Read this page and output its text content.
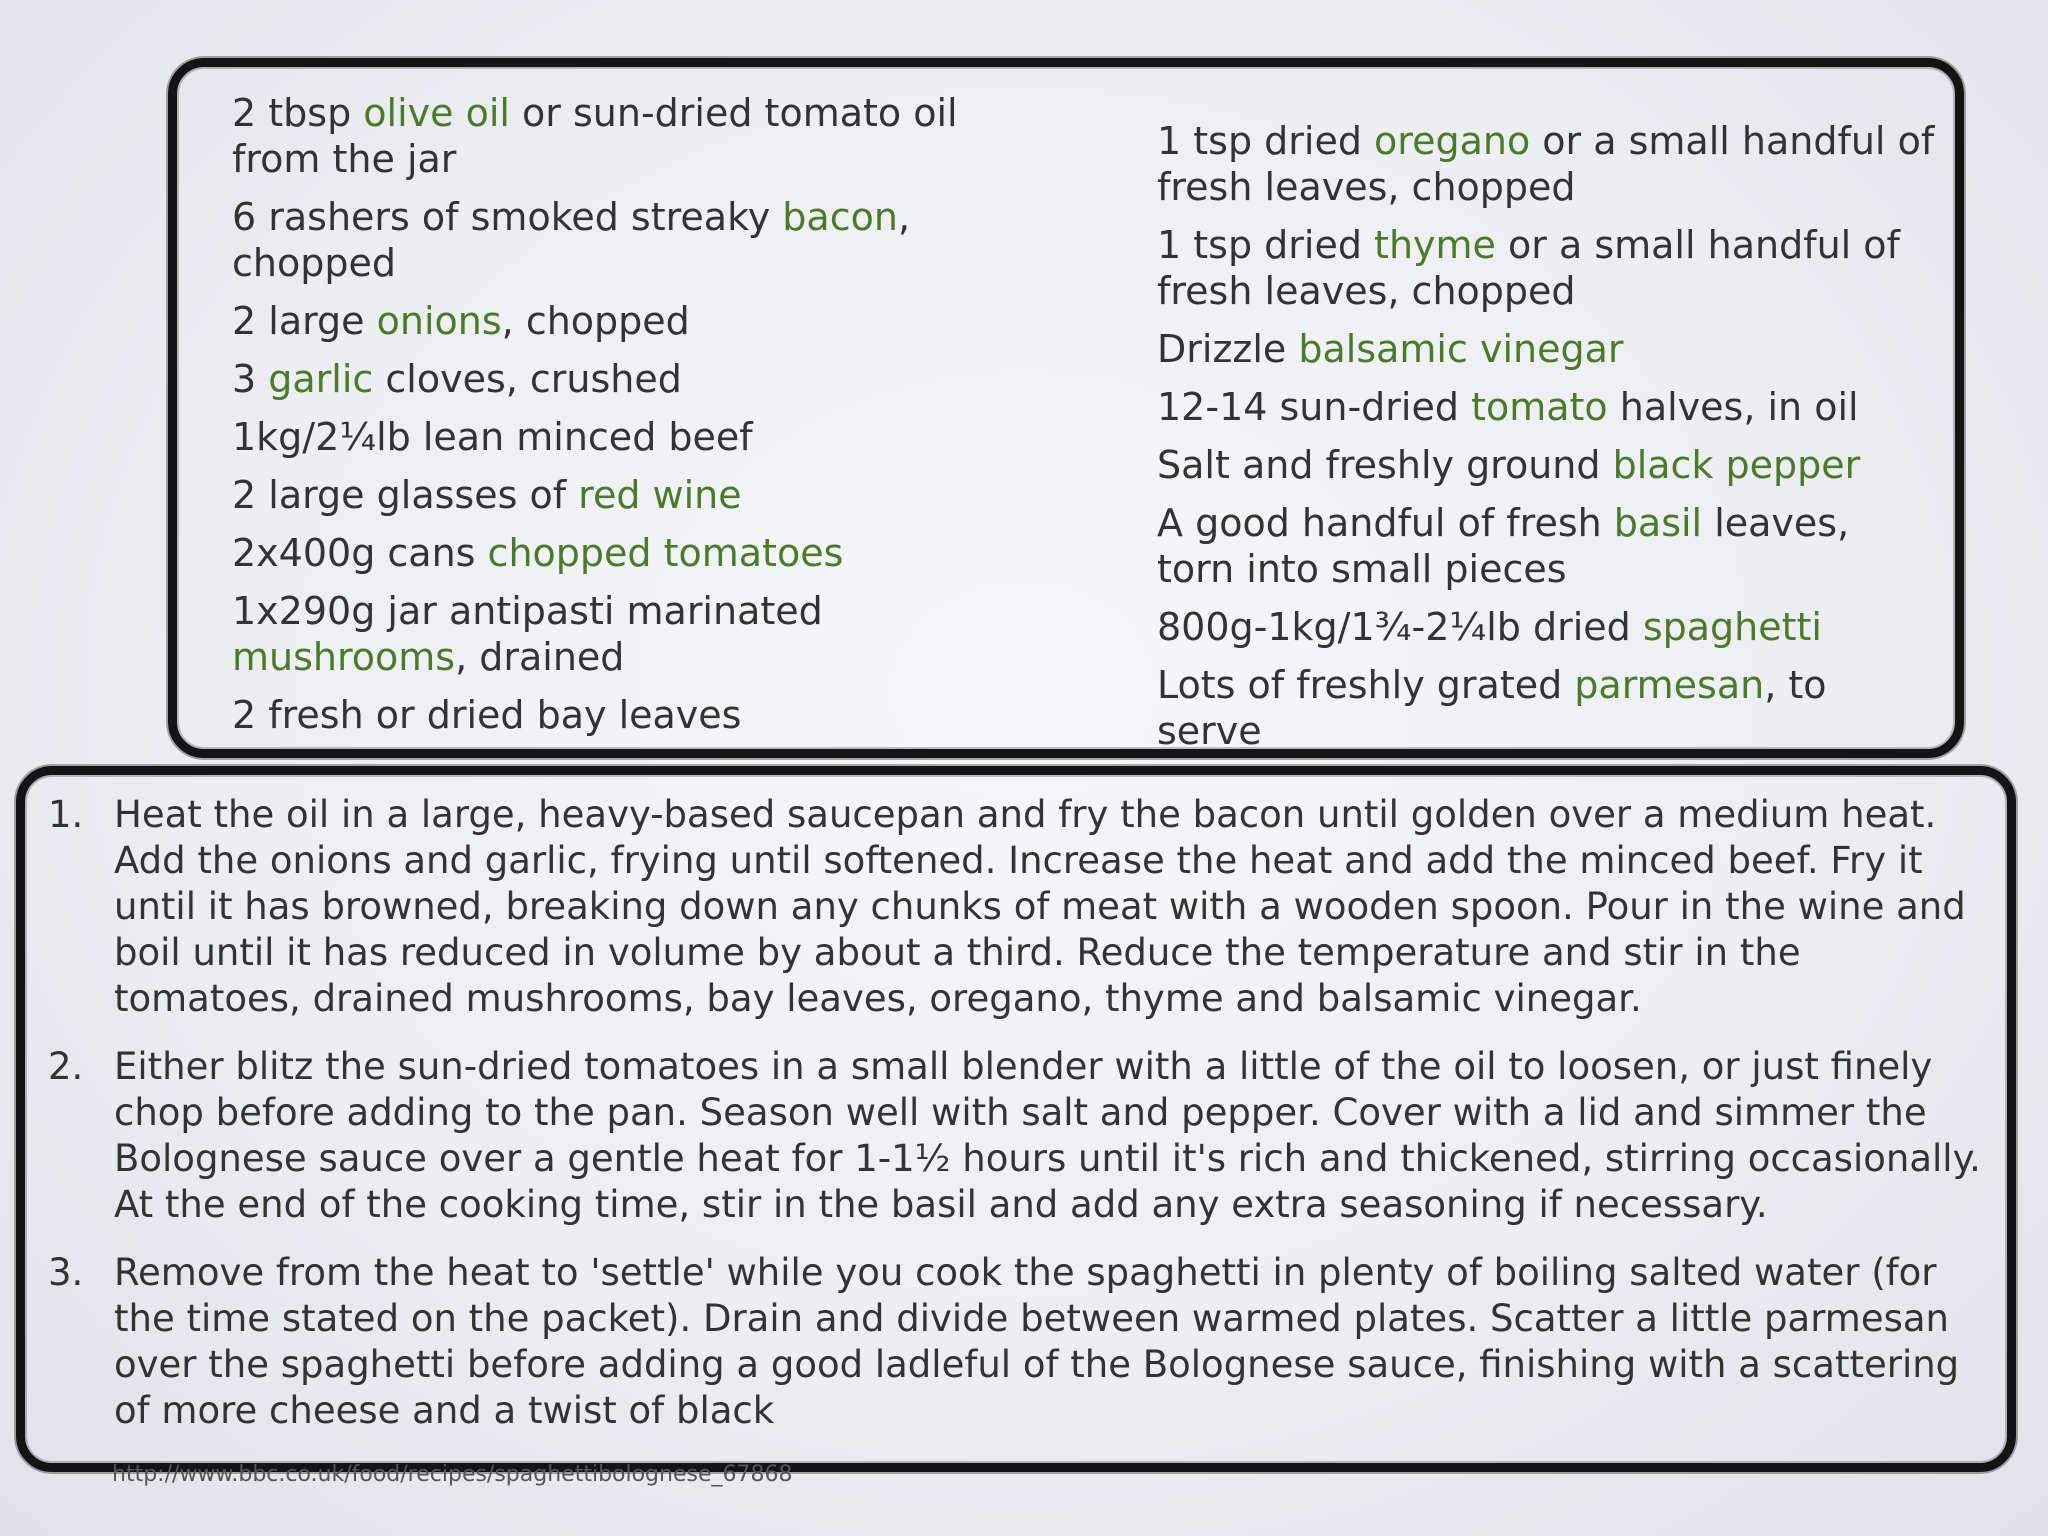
2 tbsp olive oil or sun-dried tomato oil from the jar
6 rashers of smoked streaky bacon, chopped
2 large onions, chopped
3 garlic cloves, crushed
1kg/2¼lb lean minced beef
2 large glasses of red wine
2x400g cans chopped tomatoes
1x290g jar antipasti marinated mushrooms, drained
2 fresh or dried bay leaves
1 tsp dried oregano or a small handful of fresh leaves, chopped
1 tsp dried thyme or a small handful of fresh leaves, chopped
Drizzle balsamic vinegar
12-14 sun-dried tomato halves, in oil
Salt and freshly ground black pepper
A good handful of fresh basil leaves, torn into small pieces
800g-1kg/1¾-2¼lb dried spaghetti
Lots of freshly grated parmesan, to serve
1. Heat the oil in a large, heavy-based saucepan and fry the bacon until golden over a medium heat. Add the onions and garlic, frying until softened. Increase the heat and add the minced beef. Fry it until it has browned, breaking down any chunks of meat with a wooden spoon. Pour in the wine and boil until it has reduced in volume by about a third. Reduce the temperature and stir in the tomatoes, drained mushrooms, bay leaves, oregano, thyme and balsamic vinegar.
2. Either blitz the sun-dried tomatoes in a small blender with a little of the oil to loosen, or just finely chop before adding to the pan. Season well with salt and pepper. Cover with a lid and simmer the Bolognese sauce over a gentle heat for 1-1½ hours until it's rich and thickened, stirring occasionally. At the end of the cooking time, stir in the basil and add any extra seasoning if necessary.
3. Remove from the heat to 'settle' while you cook the spaghetti in plenty of boiling salted water (for the time stated on the packet). Drain and divide between warmed plates. Scatter a little parmesan over the spaghetti before adding a good ladleful of the Bolognese sauce, finishing with a scattering of more cheese and a twist of black
http://www.bbc.co.uk/food/recipes/spaghettibolognese_67868
